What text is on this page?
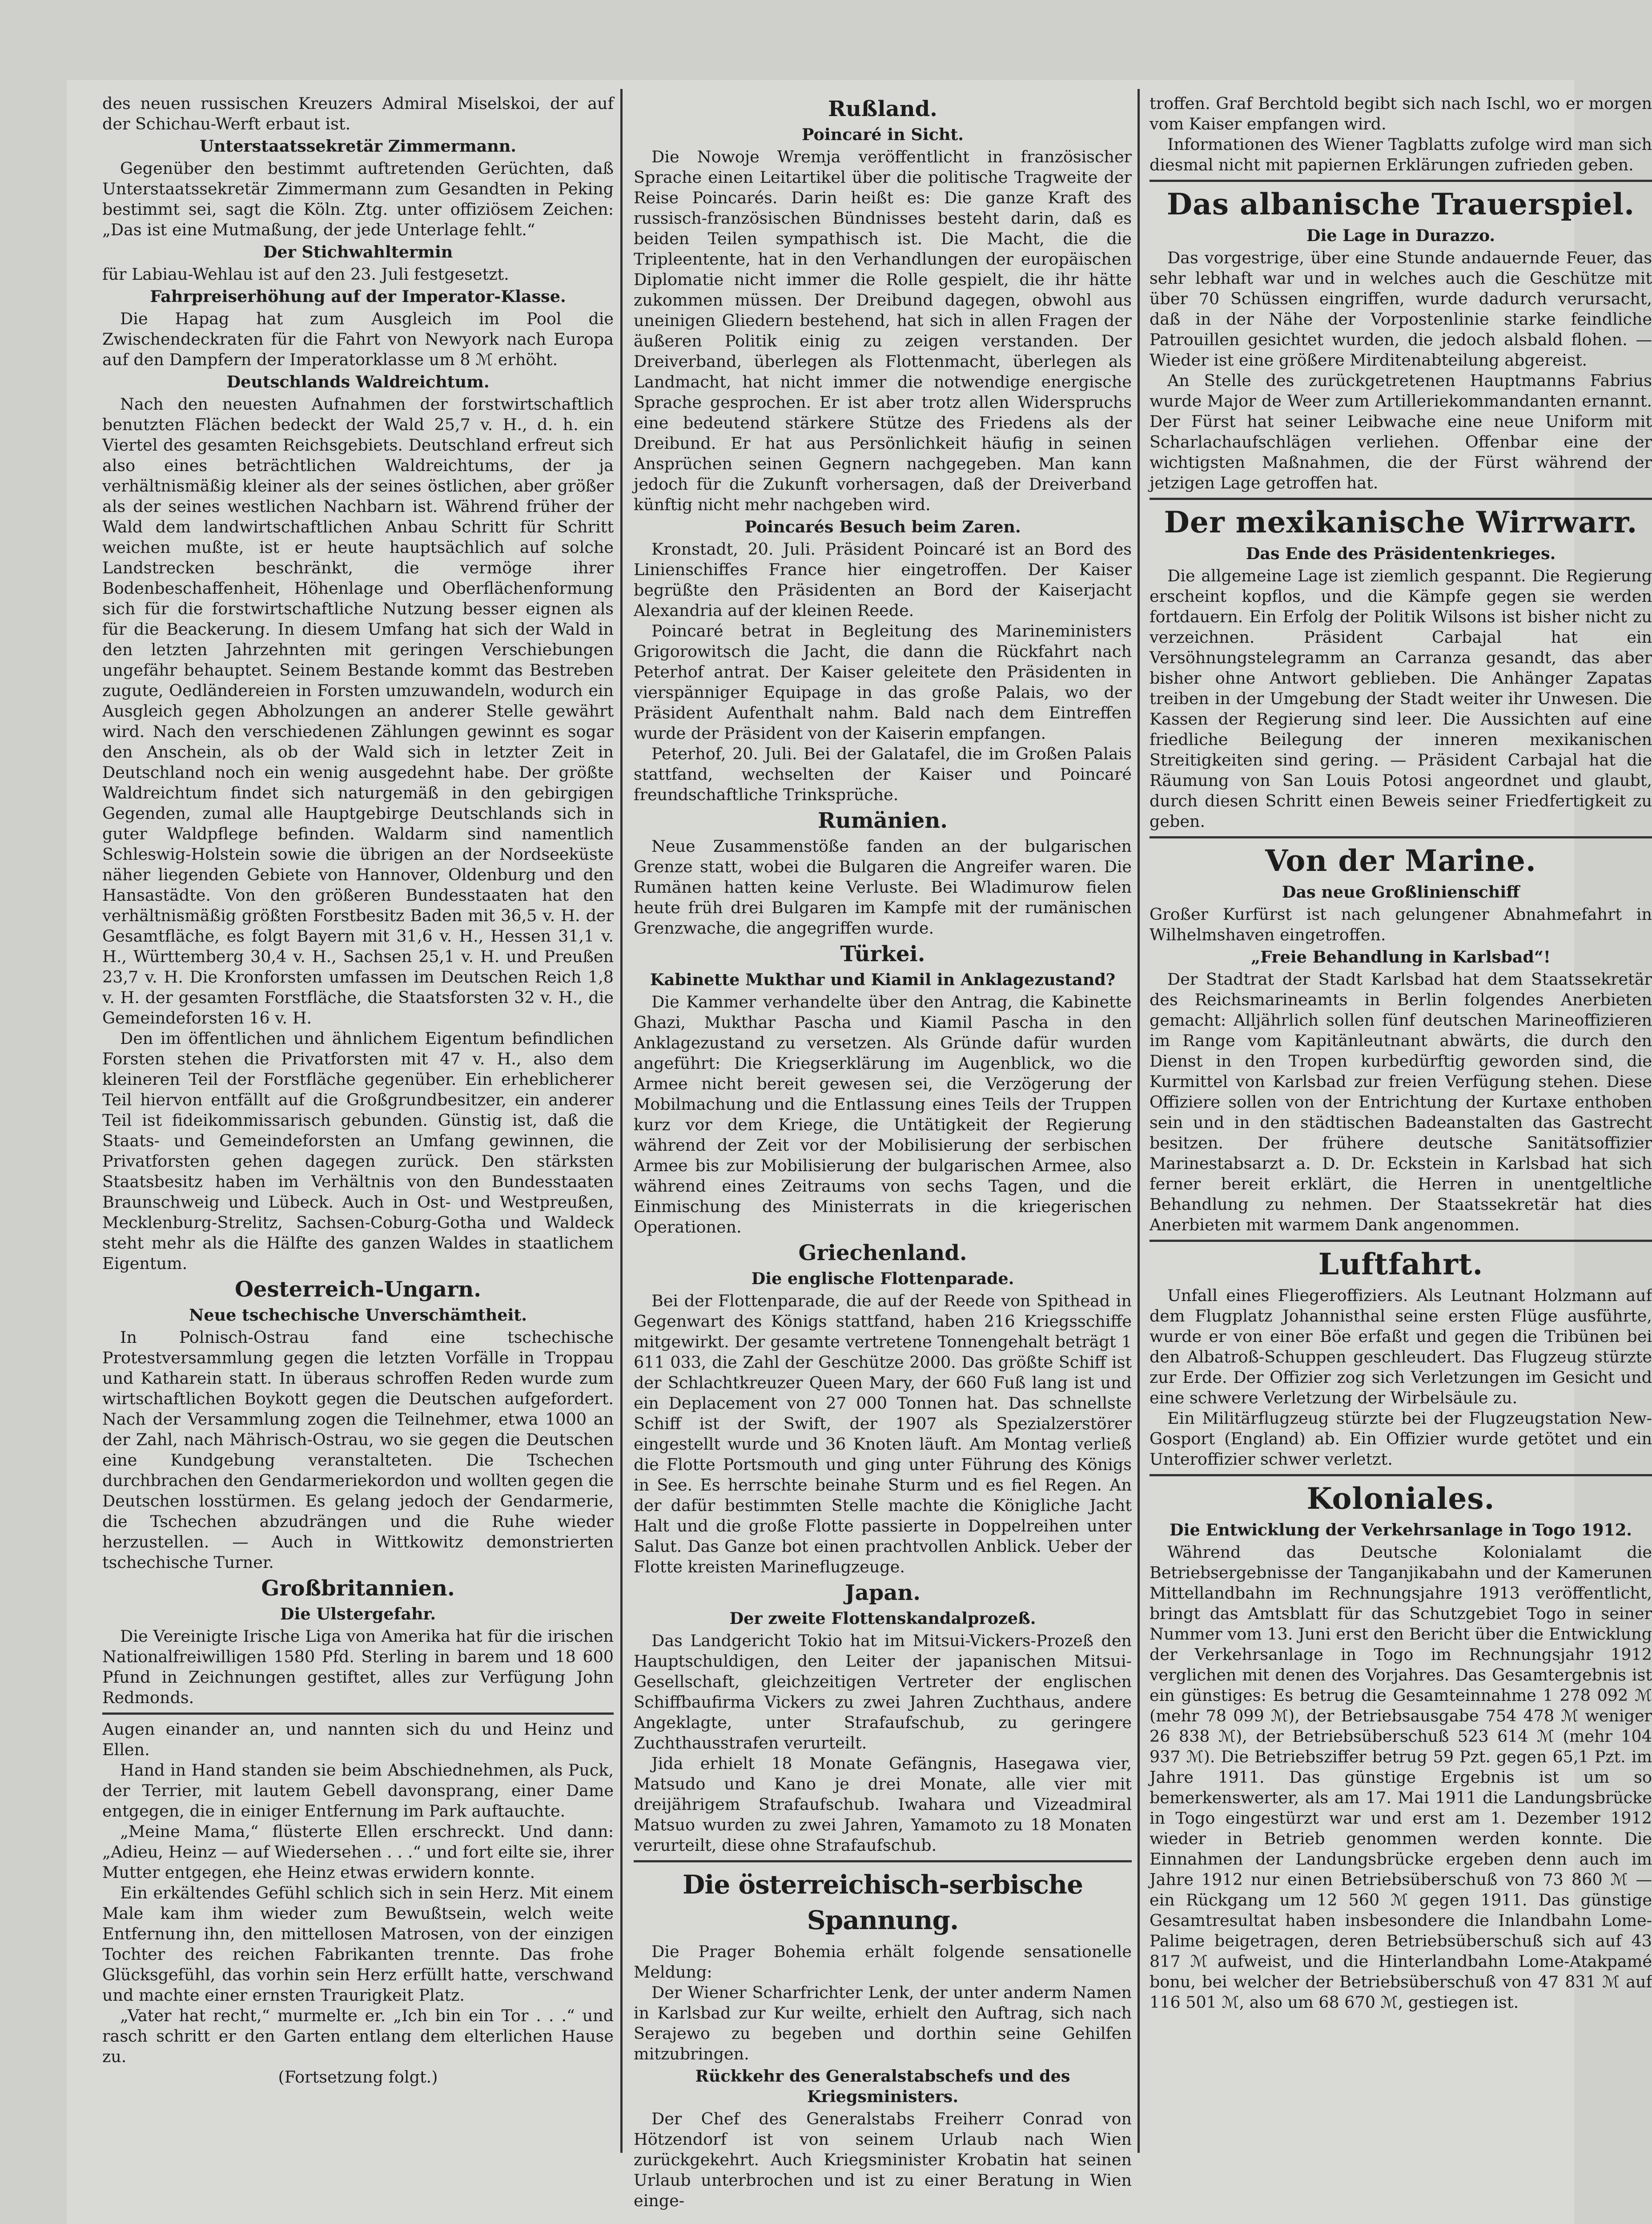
des neuen russischen Kreuzers Admiral Miselskoi, der auf der Schichau-Werft erbaut ist.

Unterstaatssekretär Zimmermann.

Gegenüber den bestimmt auftretenden Gerüchten, daß Unterstaatssekretär Zimmermann zum Gesandten in Peking bestimmt sei, sagt die Köln. Ztg. unter offiziösem Zeichen: „Das ist eine Mutmaßung, der jede Unterlage fehlt.“

Der Stichwahltermin

für Labiau-Wehlau ist auf den 23. Juli festgesetzt.

Fahrpreiserhöhung auf der Imperator-Klasse.

Die Hapag hat zum Ausgleich im Pool die Zwischendeckraten für die Fahrt von Newyork nach Europa auf den Dampfern der Imperatorklasse um 8 ℳ erhöht.

Deutschlands Waldreichtum.

Nach den neuesten Aufnahmen der forstwirtschaftlich benutzten Flächen bedeckt der Wald 25,7 v. H., d. h. ein Viertel des gesamten Reichsgebiets. Deutschland erfreut sich also eines beträchtlichen Waldreichtums, der ja verhältnismäßig kleiner als der seines östlichen, aber größer als der seines westlichen Nachbarn ist. Während früher der Wald dem landwirtschaftlichen Anbau Schritt für Schritt weichen mußte, ist er heute hauptsächlich auf solche Landstrecken beschränkt, die vermöge ihrer Bodenbeschaffenheit, Höhenlage und Oberflächenformung sich für die forstwirtschaftliche Nutzung besser eignen als für die Beackerung. In diesem Umfang hat sich der Wald in den letzten Jahrzehnten mit geringen Verschiebungen ungefähr behauptet. Seinem Bestande kommt das Bestreben zugute, Oedländereien in Forsten umzuwandeln, wodurch ein Ausgleich gegen Abholzungen an anderer Stelle gewährt wird. Nach den verschiedenen Zählungen gewinnt es sogar den Anschein, als ob der Wald sich in letzter Zeit in Deutschland noch ein wenig ausgedehnt habe. Der größte Waldreichtum findet sich naturgemäß in den gebirgigen Gegenden, zumal alle Hauptgebirge Deutschlands sich in guter Waldpflege befinden. Waldarm sind namentlich Schleswig-Holstein sowie die übrigen an der Nordseeküste näher liegenden Gebiete von Hannover, Oldenburg und den Hansastädte. Von den größeren Bundesstaaten hat den verhältnismäßig größten Forstbesitz Baden mit 36,5 v. H. der Gesamtfläche, es folgt Bayern mit 31,6 v. H., Hessen 31,1 v. H., Württemberg 30,4 v. H., Sachsen 25,1 v. H. und Preußen 23,7 v. H. Die Kronforsten umfassen im Deutschen Reich 1,8 v. H. der gesamten Forstfläche, die Staatsforsten 32 v. H., die Gemeindeforsten 16 v. H.

Den im öffentlichen und ähnlichem Eigentum befindlichen Forsten stehen die Privatforsten mit 47 v. H., also dem kleineren Teil der Forstfläche gegenüber. Ein erheblicherer Teil hiervon entfällt auf die Großgrundbesitzer, ein anderer Teil ist fideikommissarisch gebunden. Günstig ist, daß die Staats- und Gemeindeforsten an Umfang gewinnen, die Privatforsten gehen dagegen zurück. Den stärksten Staatsbesitz haben im Verhältnis von den Bundesstaaten Braunschweig und Lübeck. Auch in Ost- und Westpreußen, Mecklenburg-Strelitz, Sachsen-Coburg-Gotha und Waldeck steht mehr als die Hälfte des ganzen Waldes in staatlichem Eigentum.

Oesterreich-Ungarn.
Neue tschechische Unverschämtheit.

In Polnisch-Ostrau fand eine tschechische Protestversammlung gegen die letzten Vorfälle in Troppau und Katharein statt. In überaus schroffen Reden wurde zum wirtschaftlichen Boykott gegen die Deutschen aufgefordert. Nach der Versammlung zogen die Teilnehmer, etwa 1000 an der Zahl, nach Mährisch-Ostrau, wo sie gegen die Deutschen eine Kundgebung veranstalteten. Die Tschechen durchbrachen den Gendarmeriekordon und wollten gegen die Deutschen losstürmen. Es gelang jedoch der Gendarmerie, die Tschechen abzudrängen und die Ruhe wieder herzustellen. — Auch in Wittkowitz demonstrierten tschechische Turner.

Großbritannien.
Die Ulstergefahr.

Die Vereinigte Irische Liga von Amerika hat für die irischen Nationalfreiwilligen 1580 Pfd. Sterling in barem und 18 600 Pfund in Zeichnungen gestiftet, alles zur Verfügung John Redmonds.

Augen einander an, und nannten sich du und Heinz und Ellen.

Hand in Hand standen sie beim Abschiednehmen, als Puck, der Terrier, mit lautem Gebell davonsprang, einer Dame entgegen, die in einiger Entfernung im Park auftauchte.

„Meine Mama,“ flüsterte Ellen erschreckt. Und dann: „Adieu, Heinz — auf Wiedersehen . . .“ und fort eilte sie, ihrer Mutter entgegen, ehe Heinz etwas erwidern konnte.

Ein erkältendes Gefühl schlich sich in sein Herz. Mit einem Male kam ihm wieder zum Bewußtsein, welch weite Entfernung ihn, den mittellosen Matrosen, von der einzigen Tochter des reichen Fabrikanten trennte. Das frohe Glücksgefühl, das vorhin sein Herz erfüllt hatte, verschwand und machte einer ernsten Traurigkeit Platz.

„Vater hat recht,“ murmelte er. „Ich bin ein Tor . . .“ und rasch schritt er den Garten entlang dem elterlichen Hause zu.

(Fortsetzung folgt.)

Rußland.
Poincaré in Sicht.

Die Nowoje Wremja veröffentlicht in französischer Sprache einen Leitartikel über die politische Tragweite der Reise Poincarés. Darin heißt es: Die ganze Kraft des russisch-französischen Bündnisses besteht darin, daß es beiden Teilen sympathisch ist. Die Macht, die die Tripleentente, hat in den Verhandlungen der europäischen Diplomatie nicht immer die Rolle gespielt, die ihr hätte zukommen müssen. Der Dreibund dagegen, obwohl aus uneinigen Gliedern bestehend, hat sich in allen Fragen der äußeren Politik einig zu zeigen verstanden. Der Dreiverband, überlegen als Flottenmacht, überlegen als Landmacht, hat nicht immer die notwendige energische Sprache gesprochen. Er ist aber trotz allen Widerspruchs eine bedeutend stärkere Stütze des Friedens als der Dreibund. Er hat aus Persönlichkeit häufig in seinen Ansprüchen seinen Gegnern nachgegeben. Man kann jedoch für die Zukunft vorhersagen, daß der Dreiverband künftig nicht mehr nachgeben wird.

Poincarés Besuch beim Zaren.

Kronstadt, 20. Juli. Präsident Poincaré ist an Bord des Linienschiffes France hier eingetroffen. Der Kaiser begrüßte den Präsidenten an Bord der Kaiserjacht Alexandria auf der kleinen Reede.

Poincaré betrat in Begleitung des Marineministers Grigorowitsch die Jacht, die dann die Rückfahrt nach Peterhof antrat. Der Kaiser geleitete den Präsidenten in vierspänniger Equipage in das große Palais, wo der Präsident Aufenthalt nahm. Bald nach dem Eintreffen wurde der Präsident von der Kaiserin empfangen.

Peterhof, 20. Juli. Bei der Galatafel, die im Großen Palais stattfand, wechselten der Kaiser und Poincaré freundschaftliche Trinksprüche.

Rumänien.

Neue Zusammenstöße fanden an der bulgarischen Grenze statt, wobei die Bulgaren die Angreifer waren. Die Rumänen hatten keine Verluste. Bei Wladimurow fielen heute früh drei Bulgaren im Kampfe mit der rumänischen Grenzwache, die angegriffen wurde.

Türkei.
Kabinette Mukthar und Kiamil in Anklagezustand?

Die Kammer verhandelte über den Antrag, die Kabinette Ghazi, Mukthar Pascha und Kiamil Pascha in den Anklagezustand zu versetzen. Als Gründe dafür wurden angeführt: Die Kriegserklärung im Augenblick, wo die Armee nicht bereit gewesen sei, die Verzögerung der Mobilmachung und die Entlassung eines Teils der Truppen kurz vor dem Kriege, die Untätigkeit der Regierung während der Zeit vor der Mobilisierung der serbischen Armee bis zur Mobilisierung der bulgarischen Armee, also während eines Zeitraums von sechs Tagen, und die Einmischung des Ministerrats in die kriegerischen Operationen.

Griechenland.
Die englische Flottenparade.

Bei der Flottenparade, die auf der Reede von Spithead in Gegenwart des Königs stattfand, haben 216 Kriegsschiffe mitgewirkt. Der gesamte vertretene Tonnengehalt beträgt 1 611 033, die Zahl der Geschütze 2000. Das größte Schiff ist der Schlachtkreuzer Queen Mary, der 660 Fuß lang ist und ein Deplacement von 27 000 Tonnen hat. Das schnellste Schiff ist der Swift, der 1907 als Spezialzerstörer eingestellt wurde und 36 Knoten läuft. Am Montag verließ die Flotte Portsmouth und ging unter Führung des Königs in See. Es herrschte beinahe Sturm und es fiel Regen. An der dafür bestimmten Stelle machte die Königliche Jacht Halt und die große Flotte passierte in Doppelreihen unter Salut. Das Ganze bot einen prachtvollen Anblick. Ueber der Flotte kreisten Marineflugzeuge.

Japan.
Der zweite Flottenskandalprozeß.

Das Landgericht Tokio hat im Mitsui-Vickers-Prozeß den Hauptschuldigen, den Leiter der japanischen Mitsui-Gesellschaft, gleichzeitigen Vertreter der englischen Schiffbaufirma Vickers zu zwei Jahren Zuchthaus, andere Angeklagte, unter Strafaufschub, zu geringere Zuchthausstrafen verurteilt.

Jida erhielt 18 Monate Gefängnis, Hasegawa vier, Matsudo und Kano je drei Monate, alle vier mit dreijährigem Strafaufschub. Iwahara und Vizeadmiral Matsuo wurden zu zwei Jahren, Yamamoto zu 18 Monaten verurteilt, diese ohne Strafaufschub.

Die österreichisch-serbische Spannung.

Die Prager Bohemia erhält folgende sensationelle Meldung:

Der Wiener Scharfrichter Lenk, der unter anderm Namen in Karlsbad zur Kur weilte, erhielt den Auftrag, sich nach Serajewo zu begeben und dorthin seine Gehilfen mitzubringen.

Rückkehr des Generalstabschefs und des Kriegsministers.

Der Chef des Generalstabs Freiherr Conrad von Hötzendorf ist von seinem Urlaub nach Wien zurückgekehrt. Auch Kriegsminister Krobatin hat seinen Urlaub unterbrochen und ist zu einer Beratung in Wien einge-

troffen. Graf Berchtold begibt sich nach Ischl, wo er morgen vom Kaiser empfangen wird.

Informationen des Wiener Tagblatts zufolge wird man sich diesmal nicht mit papiernen Erklärungen zufrieden geben.

Das albanische Trauerspiel.
Die Lage in Durazzo.

Das vorgestrige, über eine Stunde andauernde Feuer, das sehr lebhaft war und in welches auch die Geschütze mit über 70 Schüssen eingriffen, wurde dadurch verursacht, daß in der Nähe der Vorpostenlinie starke feindliche Patrouillen gesichtet wurden, die jedoch alsbald flohen. — Wieder ist eine größere Mirditenabteilung abgereist.

An Stelle des zurückgetretenen Hauptmanns Fabrius wurde Major de Weer zum Artilleriekommandanten ernannt. Der Fürst hat seiner Leibwache eine neue Uniform mit Scharlachaufschlägen verliehen. Offenbar eine der wichtigsten Maßnahmen, die der Fürst während der jetzigen Lage getroffen hat.

Der mexikanische Wirrwarr.
Das Ende des Präsidentenkrieges.

Die allgemeine Lage ist ziemlich gespannt. Die Regierung erscheint kopflos, und die Kämpfe gegen sie werden fortdauern. Ein Erfolg der Politik Wilsons ist bisher nicht zu verzeichnen. Präsident Carbajal hat ein Versöhnungstelegramm an Carranza gesandt, das aber bisher ohne Antwort geblieben. Die Anhänger Zapatas treiben in der Umgebung der Stadt weiter ihr Unwesen. Die Kassen der Regierung sind leer. Die Aussichten auf eine friedliche Beilegung der inneren mexikanischen Streitigkeiten sind gering. — Präsident Carbajal hat die Räumung von San Louis Potosi angeordnet und glaubt, durch diesen Schritt einen Beweis seiner Friedfertigkeit zu geben.

Von der Marine.
Das neue Großlinienschiff

Großer Kurfürst ist nach gelungener Abnahmefahrt in Wilhelmshaven eingetroffen.

„Freie Behandlung in Karlsbad“!

Der Stadtrat der Stadt Karlsbad hat dem Staatssekretär des Reichsmarineamts in Berlin folgendes Anerbieten gemacht: Alljährlich sollen fünf deutschen Marineoffizieren im Range vom Kapitänleutnant abwärts, die durch den Dienst in den Tropen kurbedürftig geworden sind, die Kurmittel von Karlsbad zur freien Verfügung stehen. Diese Offiziere sollen von der Entrichtung der Kurtaxe enthoben sein und in den städtischen Badeanstalten das Gastrecht besitzen. Der frühere deutsche Sanitätsoffizier Marinestabsarzt a. D. Dr. Eckstein in Karlsbad hat sich ferner bereit erklärt, die Herren in unentgeltliche Behandlung zu nehmen. Der Staatssekretär hat dies Anerbieten mit warmem Dank angenommen.

Luftfahrt.

Unfall eines Fliegeroffiziers. Als Leutnant Holzmann auf dem Flugplatz Johannisthal seine ersten Flüge ausführte, wurde er von einer Böe erfaßt und gegen die Tribünen bei den Albatroß-Schuppen geschleudert. Das Flugzeug stürzte zur Erde. Der Offizier zog sich Verletzungen im Gesicht und eine schwere Verletzung der Wirbelsäule zu.

Ein Militärflugzeug stürzte bei der Flugzeugstation New-Gosport (England) ab. Ein Offizier wurde getötet und ein Unteroffizier schwer verletzt.

Koloniales.
Die Entwicklung der Verkehrsanlage in Togo 1912.

Während das Deutsche Kolonialamt die Betriebsergebnisse der Tanganjikabahn und der Kamerunen Mittellandbahn im Rechnungsjahre 1913 veröffentlicht, bringt das Amtsblatt für das Schutzgebiet Togo in seiner Nummer vom 13. Juni erst den Bericht über die Entwicklung der Verkehrsanlage in Togo im Rechnungsjahr 1912 verglichen mit denen des Vorjahres. Das Gesamtergebnis ist ein günstiges: Es betrug die Gesamteinnahme 1 278 092 ℳ (mehr 78 099 ℳ), der Betriebsausgabe 754 478 ℳ weniger 26 838 ℳ), der Betriebsüberschuß 523 614 ℳ (mehr 104 937 ℳ). Die Betriebsziffer betrug 59 Pzt. gegen 65,1 Pzt. im Jahre 1911. Das günstige Ergebnis ist um so bemerkenswerter, als am 17. Mai 1911 die Landungsbrücke in Togo eingestürzt war und erst am 1. Dezember 1912 wieder in Betrieb genommen werden konnte. Die Einnahmen der Landungsbrücke ergeben denn auch im Jahre 1912 nur einen Betriebsüberschuß von 73 860 ℳ — ein Rückgang um 12 560 ℳ gegen 1911. Das günstige Gesamtresultat haben insbesondere die Inlandbahn Lome-Palime beigetragen, deren Betriebsüberschuß sich auf 43 817 ℳ aufweist, und die Hinterlandbahn Lome-Atakpamé bonu, bei welcher der Betriebsüberschuß von 47 831 ℳ auf 116 501 ℳ, also um 68 670 ℳ, gestiegen ist.
